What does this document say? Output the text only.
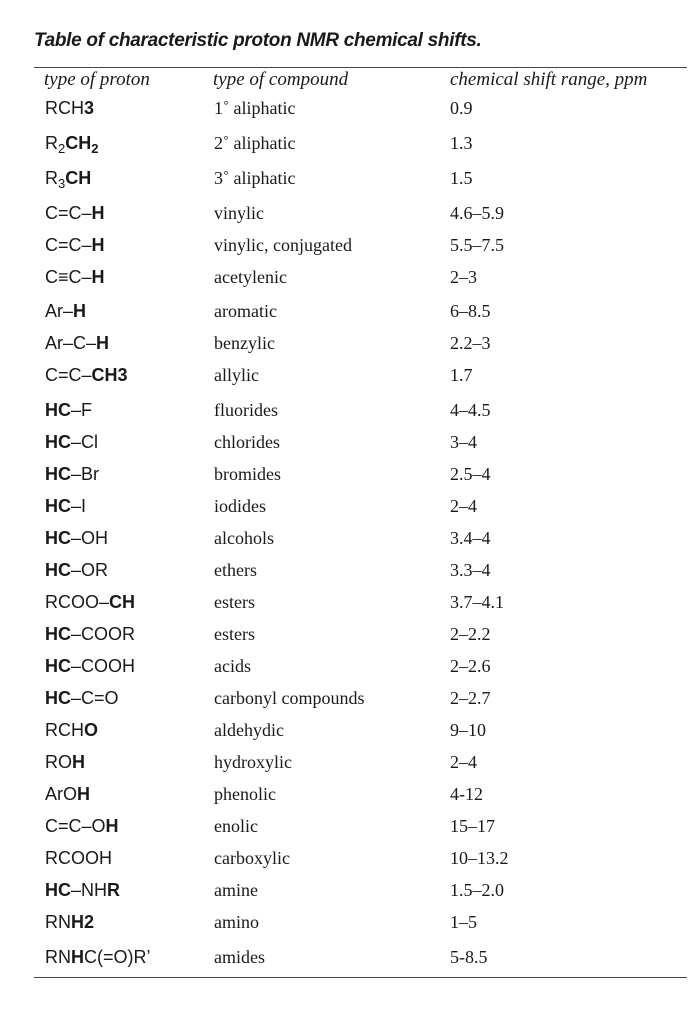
Table of characteristic proton NMR chemical shifts.
type of proton	type of compound	chemical shift range, ppm
RCH3	1˚ aliphatic	0.9
$R_2CH_2$	2˚ aliphatic	1.3
$R_3CH$	3˚ aliphatic	1.5
C=C–H	vinylic	4.6–5.9
C=C–H	vinylic, conjugated	5.5–7.5
C≡C–H	acetylenic	2–3
Ar–H	aromatic	6–8.5
Ar–C–H	benzylic	2.2–3
C=C–CH3	allylic	1.7
HC–F	fluorides	4–4.5
HC–Cl	chlorides	3–4
HC–Br	bromides	2.5–4
HC–I	iodides	2–4
HC–OH	alcohols	3.4–4
HC–OR	ethers	3.3–4
RCOO–CH	esters	3.7–4.1
HC–COOR	esters	2–2.2
HC–COOH	acids	2–2.6
HC–C=O	carbonyl compounds	2–2.7
RCHO	aldehydic	9–10
ROH	hydroxylic	2–4
ArOH	phenolic	4-12
C=C–OH	enolic	15–17
RCOOH	carboxylic	10–13.2
HC–NHR	amine	1.5–2.0
RNH2	amino	1–5
RNHC(=O)R’	amides	5-8.5
